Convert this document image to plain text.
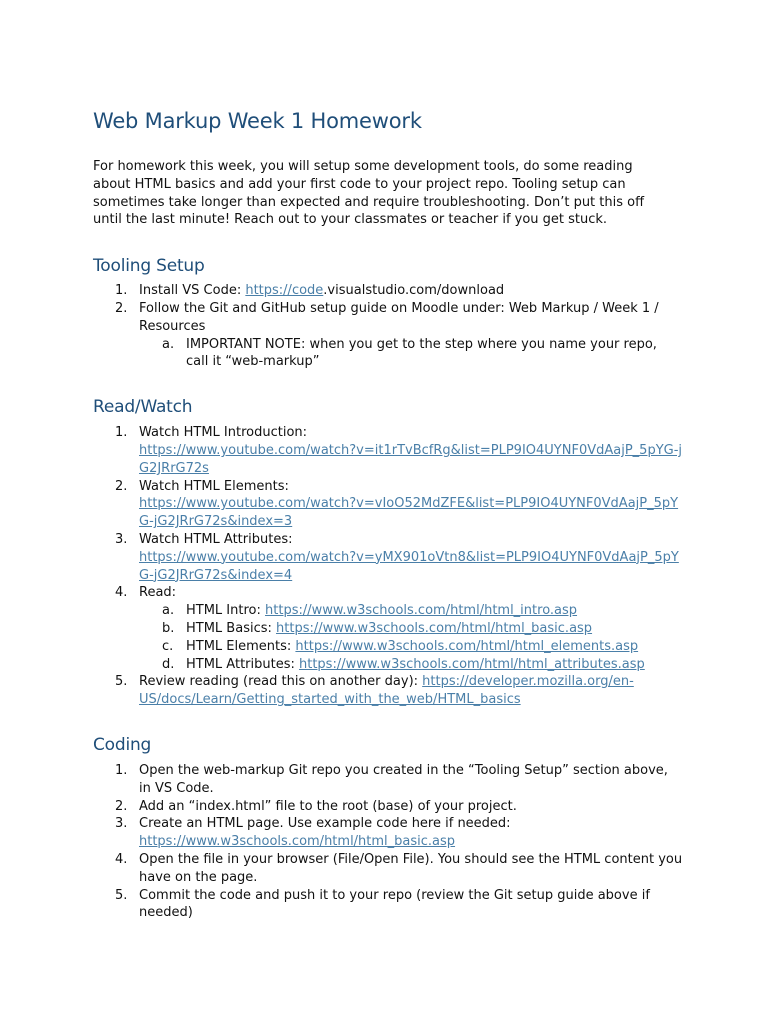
Web Markup Week 1 Homework

For homework this week, you will setup some development tools, do some reading about HTML basics and add your first code to your project repo. Tooling setup can sometimes take longer than expected and require troubleshooting. Don’t put this off until the last minute! Reach out to your classmates or teacher if you get stuck.

Tooling Setup
1. Install VS Code: https://code.visualstudio.com/download
2. Follow the Git and GitHub setup guide on Moodle under: Web Markup / Week 1 / Resources
a. IMPORTANT NOTE: when you get to the step where you name your repo, call it “web-markup”
Read/Watch
1. Watch HTML Introduction:
https://www.youtube.com/watch?v=it1rTvBcfRg&list=PLP9IO4UYNF0VdAajP_5pYG-jG2JRrG72s
2. Watch HTML Elements:
https://www.youtube.com/watch?v=vIoO52MdZFE&list=PLP9IO4UYNF0VdAajP_5pYG-jG2JRrG72s&index=3
3. Watch HTML Attributes:
https://www.youtube.com/watch?v=yMX901oVtn8&list=PLP9IO4UYNF0VdAajP_5pYG-jG2JRrG72s&index=4
4. Read:
a. HTML Intro: https://www.w3schools.com/html/html_intro.asp
b. HTML Basics: https://www.w3schools.com/html/html_basic.asp
c. HTML Elements: https://www.w3schools.com/html/html_elements.asp
d. HTML Attributes: https://www.w3schools.com/html/html_attributes.asp
5. Review reading (read this on another day): https://developer.mozilla.org/en-US/docs/Learn/Getting_started_with_the_web/HTML_basics
Coding
1. Open the web-markup Git repo you created in the “Tooling Setup” section above, in VS Code.
2. Add an “index.html” file to the root (base) of your project.
3. Create an HTML page. Use example code here if needed:
https://www.w3schools.com/html/html_basic.asp
4. Open the file in your browser (File/Open File). You should see the HTML content you have on the page.
5. Commit the code and push it to your repo (review the Git setup guide above if needed)
